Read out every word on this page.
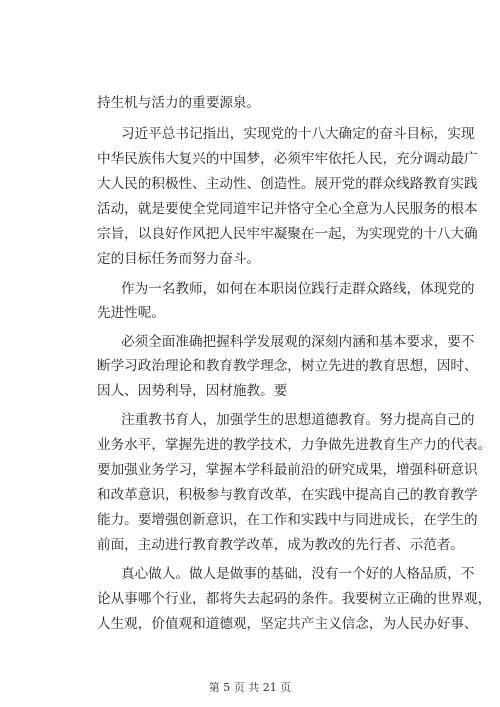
持生机与活力的重要源泉。

习近平总书记指出，实现党的十八大确定的奋斗目标，实现

中华民族伟大复兴的中国梦，必须牢牢依托人民，充分调动最广

大人民的积极性、主动性、创造性。展开党的群众线路教育实践

活动，就是要使全党同道牢记并恪守全心全意为人民服务的根本

宗旨，以良好作风把人民牢牢凝聚在一起，为实现党的十八大确

定的目标任务而努力奋斗。

作为一名教师，如何在本职岗位践行走群众路线，体现党的

先进性呢。

必须全面准确把握科学发展观的深刻内涵和基本要求，要不

断学习政治理论和教育教学理念，树立先进的教育思想，因时、

因人、因势利导，因材施教。要

注重教书育人，加强学生的思想道德教育。努力提高自己的

业务水平，掌握先进的教学技术，力争做先进教育生产力的代表。

要加强业务学习，掌握本学科最前沿的研究成果，增强科研意识

和改革意识，积极参与教育改革，在实践中提高自己的教育教学

能力。要增强创新意识，在工作和实践中与同进成长，在学生的

前面，主动进行教育教学改革，成为教改的先行者、示范者。

真心做人。做人是做事的基础，没有一个好的人格品质，不

论从事哪个行业，都将失去起码的条件。我要树立正确的世界观，

人生观，价值观和道德观，坚定共产主义信念，为人民办好事、

第 5 页 共 21 页
